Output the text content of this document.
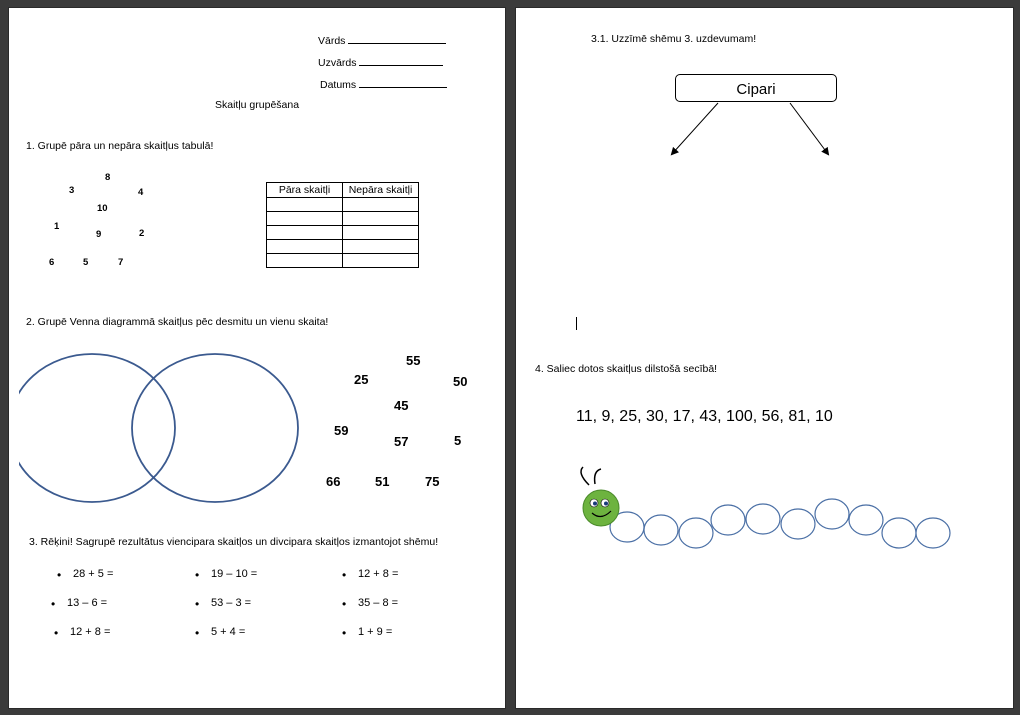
Vārds
Uzvārds
Datums
Skaitļu grupēšana
1. Grupē pāra un nepāra skaitļus tabulā!
8
3	4
10
1
9	2
6	5	7
Pāra skaitļi	Nepāra skaitļi

2. Grupē Venna diagrammā skaitļus pēc desmitu un vienu skaita!
55
25	50
45
59
57	5
66	51	75
3. Rēķini! Sagrupē rezultātus viencipara skaitļos un divcipara skaitļos izmantojot shēmu!
• 28 + 5 =	• 19 – 10 =	• 12 + 8 =
• 13 – 6 =	• 53 – 3 =	• 35 – 8 =
• 12 + 8 =	• 5 + 4 =	• 1 + 9 =
3.1. Uzzīmē shēmu 3. uzdevumam!
Cipari
4. Saliec dotos skaitļus dilstošā secībā!
11, 9, 25, 30, 17, 43, 100, 56, 81, 10
